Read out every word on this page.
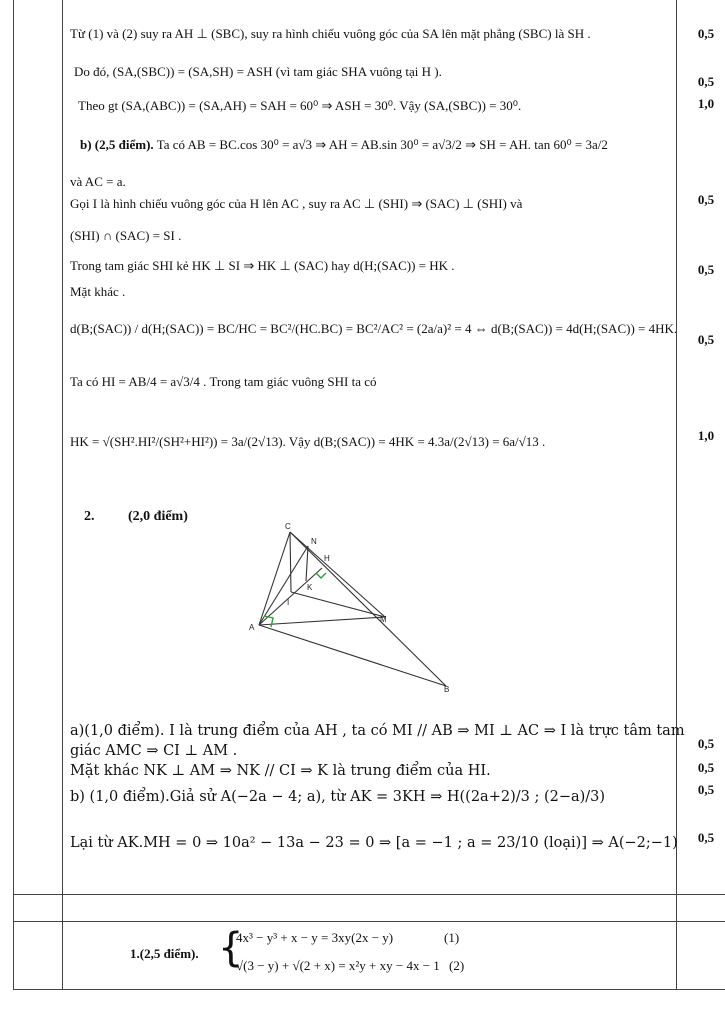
Từ (1) và (2) suy ra AH ⊥ (SBC), suy ra hình chiếu vuông góc của SA lên mặt phẳng (SBC) là SH .
Do đó, (SA,(SBC)) = (SA,SH) = ASH (vì tam giác SHA vuông tại H ).
Theo gt (SA,(ABC)) = (SA,AH) = SAH = 60⁰ ⇒ ASH = 30⁰. Vậy (SA,(SBC)) = 30⁰.
b) (2,5 điểm). Ta có AB = BC.cos 30⁰ = a√3 ⇒ AH = AB.sin 30⁰ = a√3/2 ⇒ SH = AH. tan 60⁰ = 3a/2
và AC = a.
Gọi I là hình chiếu vuông góc của H lên AC , suy ra AC ⊥ (SHI) ⇒ (SAC) ⊥ (SHI) và
(SHI) ∩ (SAC) = SI .
Trong tam giác SHI kẻ HK ⊥ SI ⇒ HK ⊥ (SAC) hay d(H;(SAC)) = HK .
Mặt khác .
d(B;(SAC)) / d(H;(SAC)) = BC/HC = BC²/(HC.BC) = BC²/AC² = (2a/a)² = 4 ⇔ d(B;(SAC)) = 4d(H;(SAC)) = 4HK.
Ta có HI = AB/4 = a√3/4 . Trong tam giác vuông SHI ta có
HK = √(SH².HI²/(SH²+HI²)) = 3a/(2√13). Vậy d(B;(SAC)) = 4HK = 4.3a/(2√13) = 6a/√13 .
2. (2,0 điểm)
C
N
H
K
I
A
M
B
a)(1,0 điểm). I là trung điểm của AH , ta có MI // AB ⇒ MI ⊥ AC ⇒ I là trực tâm tam
giác AMC ⇒ CI ⊥ AM .
Mặt khác NK ⊥ AM ⇒ NK // CI ⇒ K là trung điểm của HI.
b) (1,0 điểm).Giả sử A(−2a − 4; a), từ AK = 3KH ⇒ H((2a+2)/3 ; (2−a)/3)
Lại từ AK.MH = 0 ⇒ 10a² − 13a − 23 = 0 ⇒ [a = −1 ; a = 23/10 (loại)] ⇒ A(−2;−1)
1.(2,5 điểm). {
4x³ − y³ + x − y = 3xy(2x − y)	(1)
√(3 − y) + √(2 + x) = x²y + xy − 4x − 1 (2)
0,5
0,5
1,0
0,5
0,5
0,5
1,0
0,5
0,5
0,5
0,5
